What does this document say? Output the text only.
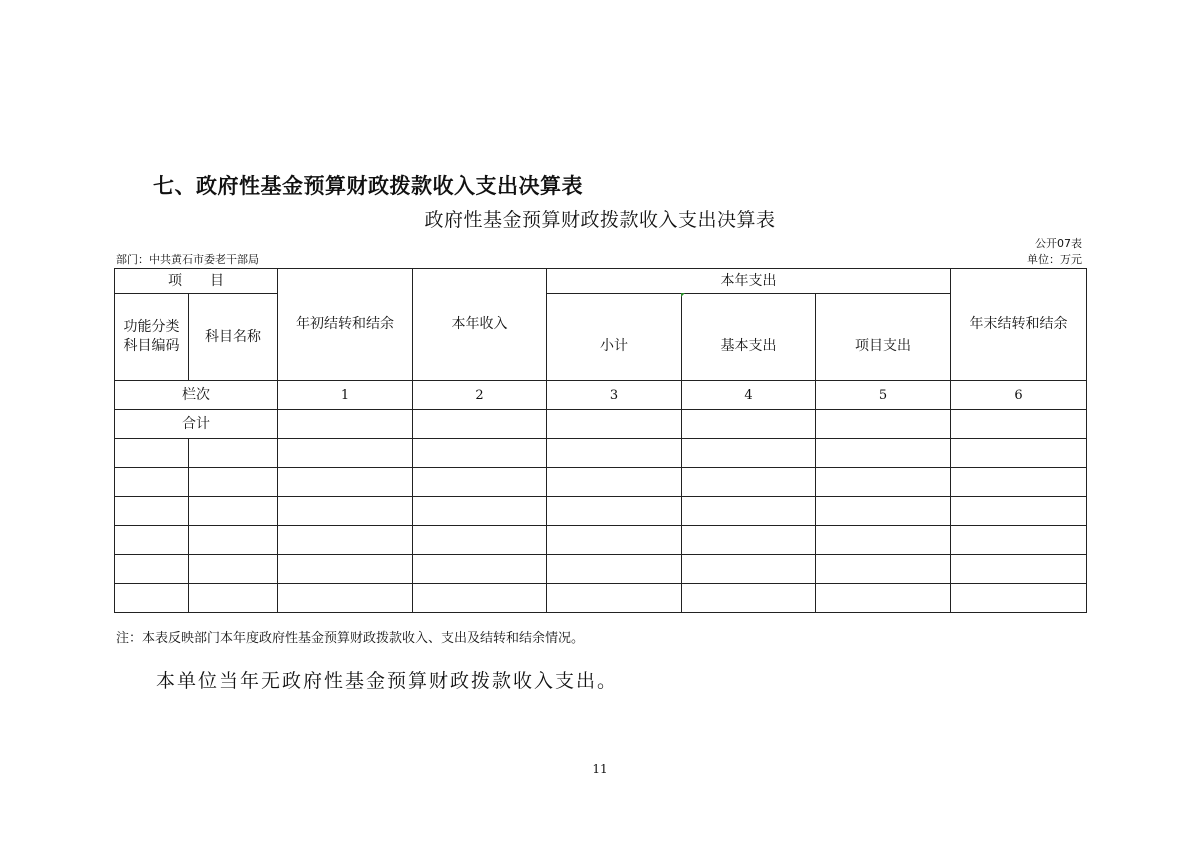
七、政府性基金预算财政拨款收入支出决算表
政府性基金预算财政拨款收入支出决算表
公开07表
部门：中共黄石市委老干部局	单位：万元
项　　目		年初结转和结余	本年收入	本年支出			年末结转和结余

功能分类科目编码	科目名称			小计	基本支出	项目支出	
栏次		1	2	3	4	5	6
合计							

注：本表反映部门本年度政府性基金预算财政拨款收入、支出及结转和结余情况。
本单位当年无政府性基金预算财政拨款收入支出。
11
